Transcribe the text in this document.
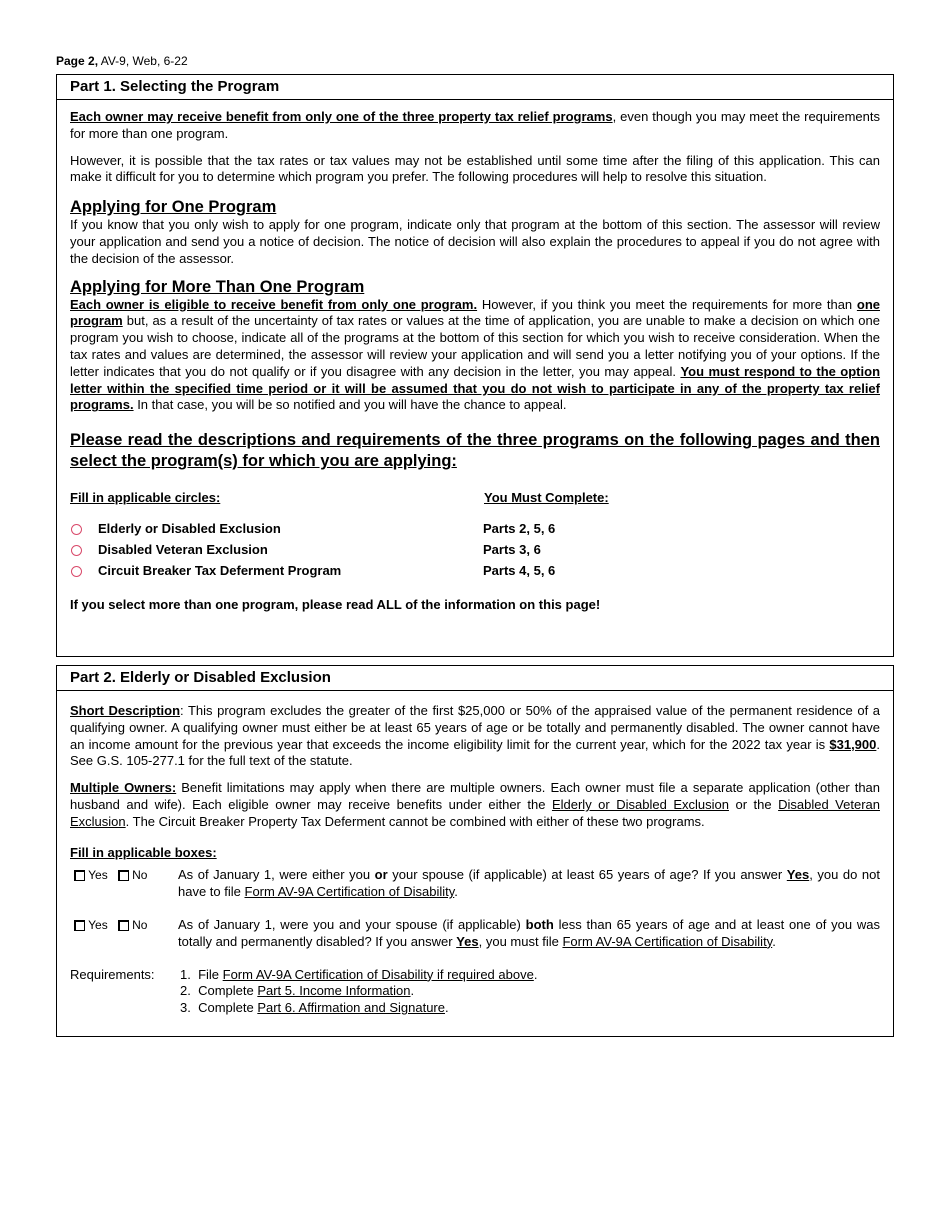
Page 2, AV-9, Web, 6-22
Part 1. Selecting the Program

Each owner may receive benefit from only one of the three property tax relief programs, even though you may meet the requirements for more than one program.

However, it is possible that the tax rates or tax values may not be established until some time after the filing of this application. This can make it difficult for you to determine which program you prefer. The following procedures will help to resolve this situation.

Applying for One Program

If you know that you only wish to apply for one program, indicate only that program at the bottom of this section. The assessor will review your application and send you a notice of decision. The notice of decision will also explain the procedures to appeal if you do not agree with the decision of the assessor.

Applying for More Than One Program

Each owner is eligible to receive benefit from only one program. However, if you think you meet the requirements for more than one program but, as a result of the uncertainty of tax rates or values at the time of application, you are unable to make a decision on which one program you wish to choose, indicate all of the programs at the bottom of this section for which you wish to receive consideration. When the tax rates and values are determined, the assessor will review your application and will send you a letter notifying you of your options. If the letter indicates that you do not qualify or if you disagree with any decision in the letter, you may appeal. You must respond to the option letter within the specified time period or it will be assumed that you do not wish to participate in any of the property tax relief programs. In that case, you will be so notified and you will have the chance to appeal.

Please read the descriptions and requirements of the three programs on the following pages and then select the program(s) for which you are applying:

Fill in applicable circles:	You Must Complete:
Elderly or Disabled Exclusion	Parts 2, 5, 6
Disabled Veteran Exclusion	Parts 3, 6
Circuit Breaker Tax Deferment Program	Parts 4, 5, 6

If you select more than one program, please read ALL of the information on this page!

Part 2. Elderly or Disabled Exclusion

Short Description: This program excludes the greater of the first $25,000 or 50% of the appraised value of the permanent residence of a qualifying owner. A qualifying owner must either be at least 65 years of age or be totally and permanently disabled. The owner cannot have an income amount for the previous year that exceeds the income eligibility limit for the current year, which for the 2022 tax year is $31,900. See G.S. 105-277.1 for the full text of the statute.

Multiple Owners: Benefit limitations may apply when there are multiple owners. Each owner must file a separate application (other than husband and wife). Each eligible owner may receive benefits under either the Elderly or Disabled Exclusion or the Disabled Veteran Exclusion. The Circuit Breaker Property Tax Deferment cannot be combined with either of these two programs.

Fill in applicable boxes:

Yes No As of January 1, were either you or your spouse (if applicable) at least 65 years of age? If you answer Yes, you do not have to file Form AV-9A Certification of Disability.

Yes No As of January 1, were you and your spouse (if applicable) both less than 65 years of age and at least one of you was totally and permanently disabled? If you answer Yes, you must file Form AV-9A Certification of Disability.

Requirements: 1. File Form AV-9A Certification of Disability if required above.
2. Complete Part 5. Income Information.
3. Complete Part 6. Affirmation and Signature.
